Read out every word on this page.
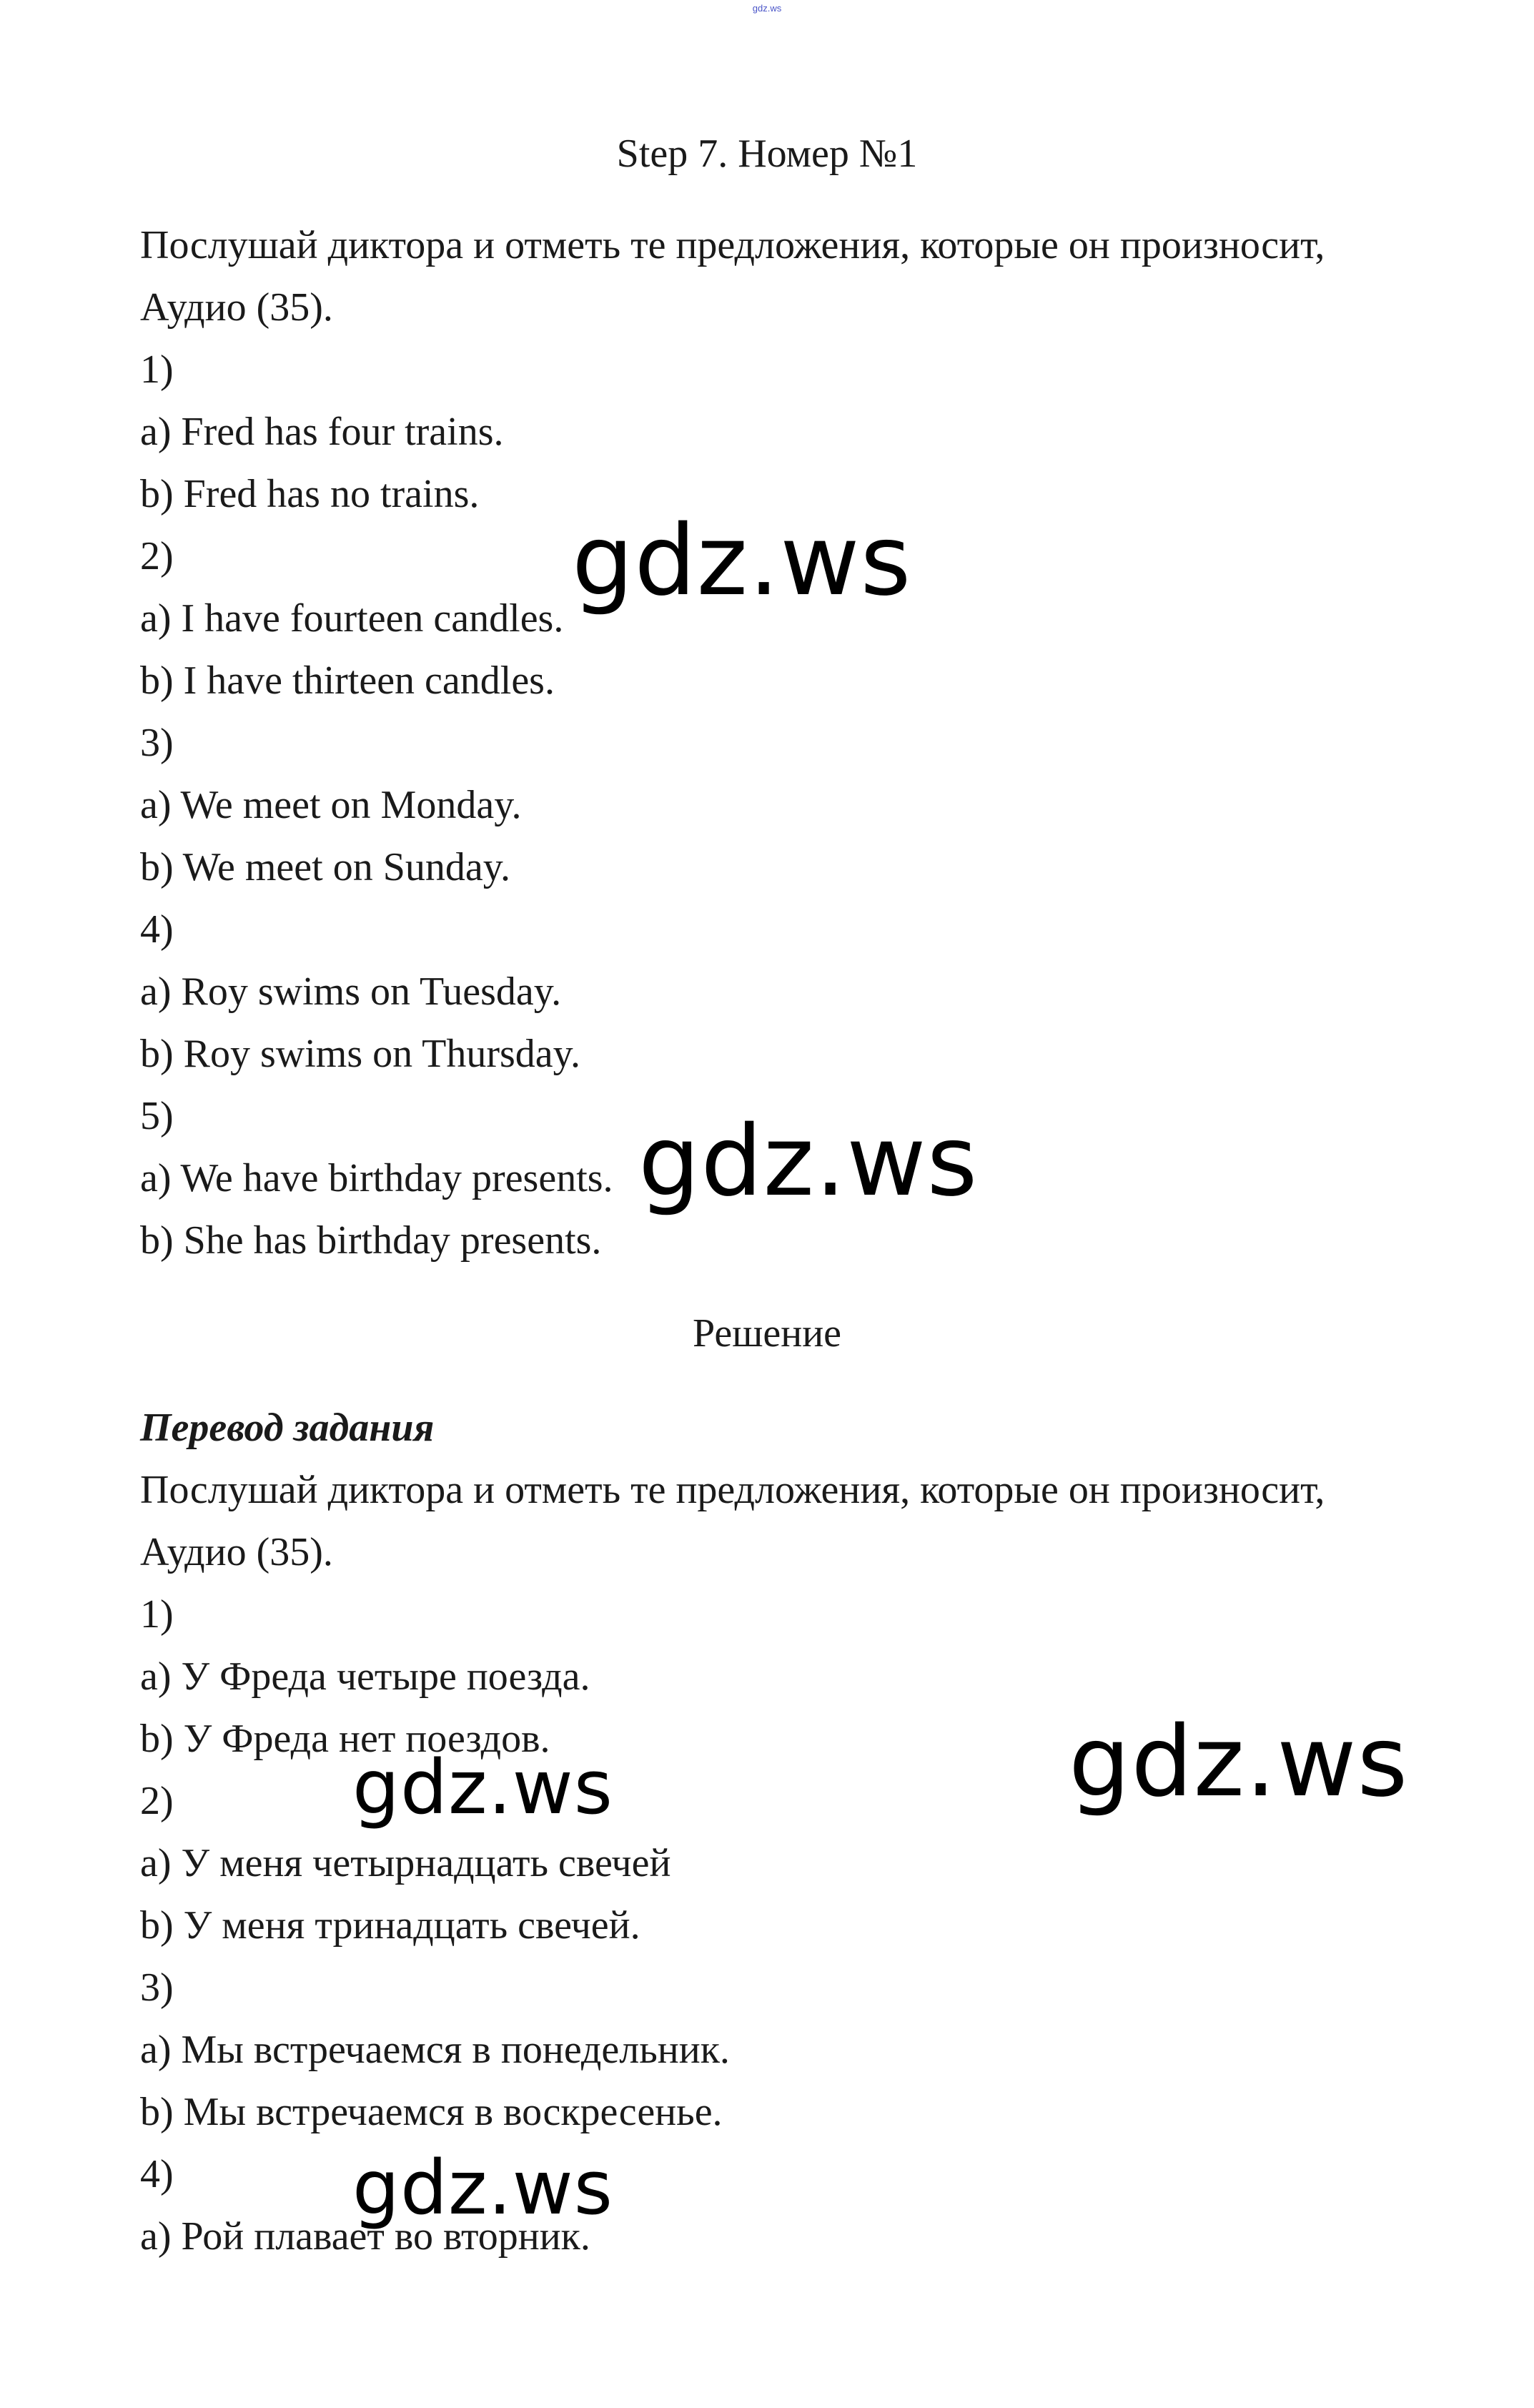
gdz.ws
Step 7. Номер №1
Послушай диктора и отметь те предложения, которые он произносит,
Аудио (35).
1)
a) Fred has four trains.
b) Fred has no trains.
2)
a) I have fourteen candles.
b) I have thirteen candles.
3)
a) We meet on Monday.
b) We meet on Sunday.
4)
a) Roy swims on Tuesday.
b) Roy swims on Thursday.
5)
a) We have birthday presents.
b) She has birthday presents.
Решение
Перевод задания
Послушай диктора и отметь те предложения, которые он произносит,
Аудио (35).
1)
a) У Фреда четыре поезда.
b) У Фреда нет поездов.
2)
a) У меня четырнадцать свечей
b) У меня тринадцать свечей.
3)
a) Мы встречаемся в понедельник.
b) Мы встречаемся в воскресенье.
4)
a) Рой плавает во вторник.
gdz.ws
gdz.ws
gdz.ws
gdz.ws
gdz.ws
